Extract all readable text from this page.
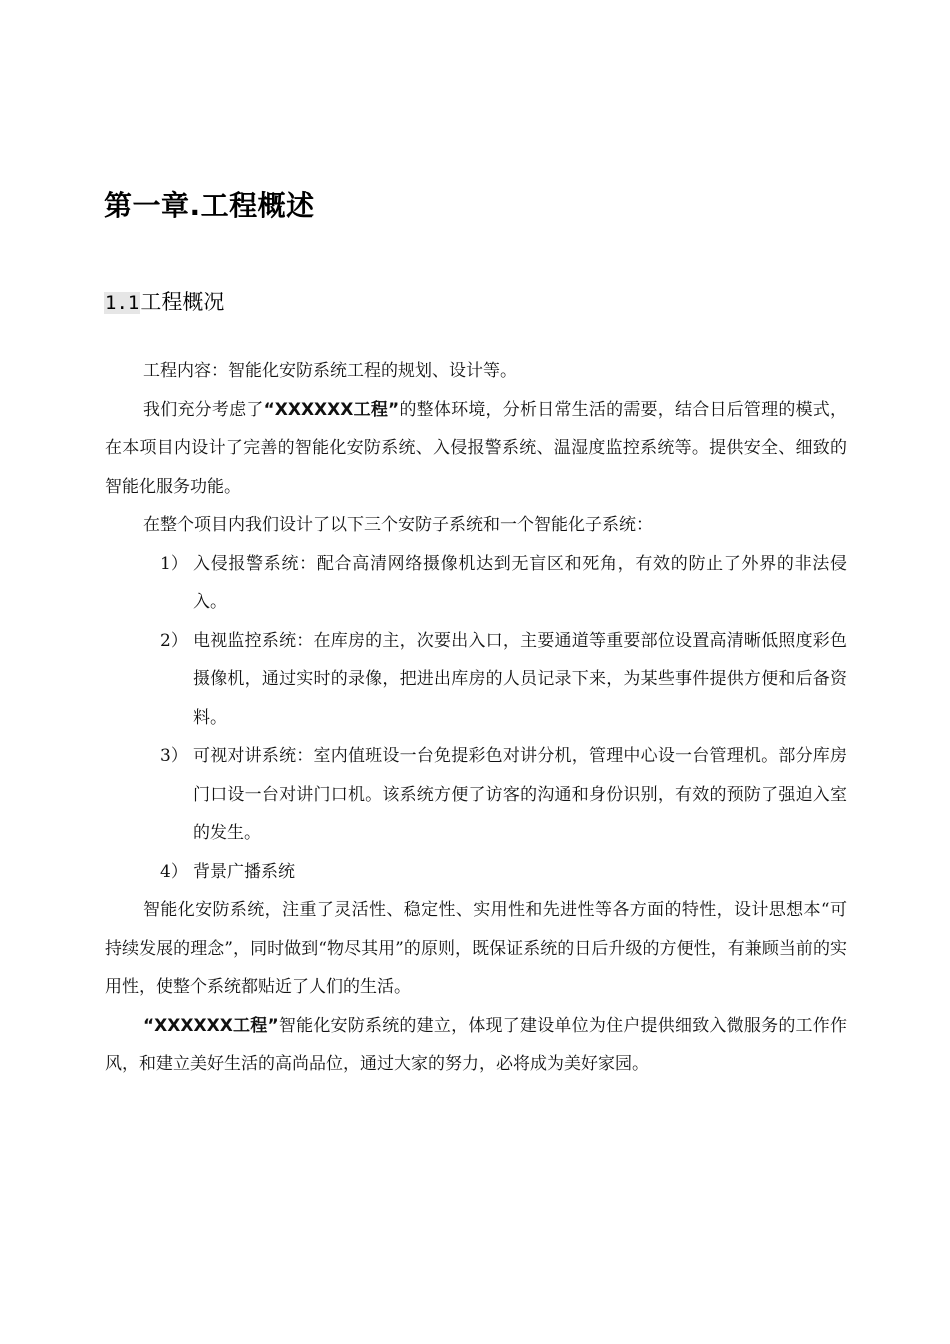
第一章.工程概述
1.1工程概况

工程内容：智能化安防系统工程的规划、设计等。

我们充分考虑了“XXXXXX工程”的整体环境，分析日常生活的需要，结合日后管理的模式，在本项目内设计了完善的智能化安防系统、入侵报警系统、温湿度监控系统等。提供安全、细致的智能化服务功能。

在整个项目内我们设计了以下三个安防子系统和一个智能化子系统：

1） 入侵报警系统：配合高清网络摄像机达到无盲区和死角，有效的防止了外界的非法侵入。
2） 电视监控系统：在库房的主，次要出入口，主要通道等重要部位设置高清晰低照度彩色摄像机，通过实时的录像，把进出库房的人员记录下来，为某些事件提供方便和后备资料。
3） 可视对讲系统：室内值班设一台免提彩色对讲分机，管理中心设一台管理机。部分库房门口设一台对讲门口机。该系统方便了访客的沟通和身份识别，有效的预防了强迫入室的发生。
4） 背景广播系统

智能化安防系统，注重了灵活性、稳定性、实用性和先进性等各方面的特性，设计思想本“可持续发展的理念”，同时做到“物尽其用”的原则，既保证系统的日后升级的方便性，有兼顾当前的实用性，使整个系统都贴近了人们的生活。

“XXXXXX工程”智能化安防系统的建立，体现了建设单位为住户提供细致入微服务的工作作风，和建立美好生活的高尚品位，通过大家的努力，必将成为美好家园。
